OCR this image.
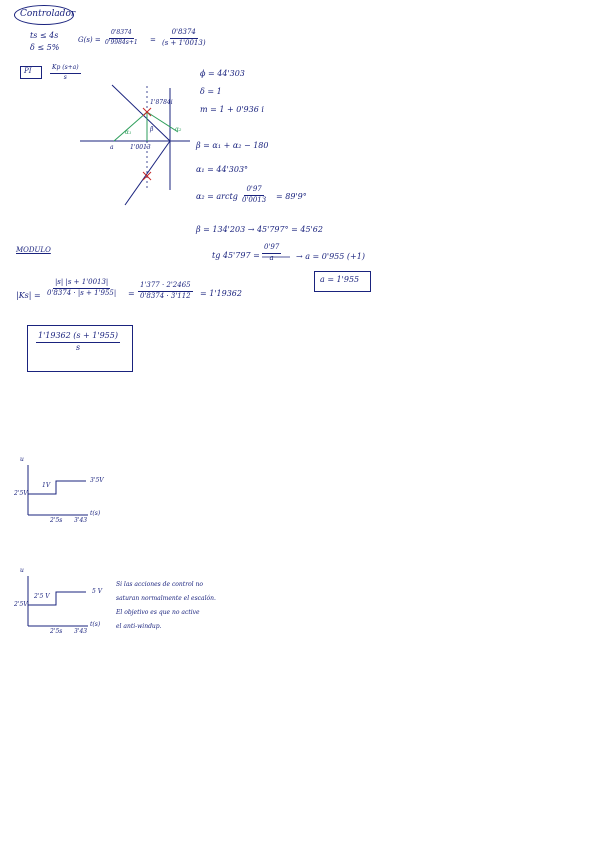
Controlador
ts ≤ 4s
δ ≤ 5%
$G(s) = \frac{0'8374}{0'9984s+1} = \frac{0'8374}{(s + 1'0013)}$
PI	$\frac{Kp (s+a)}{s}$
a	1'0013
1'8784i
α₁	α₂
β
ϕ = 44'303
δ = 1
m = 1 + 0'936 i
β = α₁ + α₂ − 180
α₁ = 44'303°
α₂ = arctg $\frac{0'97}{0'0013} = 89'9^\circ$
β = 134'203 → 45'797° = 45'62
tg $45'797 = \frac{0'97}{a} \to a = 0'955$ (+1)
a = 1'955
MODULO
$|Ks| = \frac{|s| |s + 1'0013|}{0'8374 \cdot |s + 1'955|} = \frac{1'377 \cdot 2'2465}{0'8374 \cdot 3'112} = 1'19362$
$\frac{1'19362 (s + 1'955)}{s}$
u
2'5V
1V
3'5V
2'5s 3'43
t(s)
u
2'5V
2'5 V
5 V
2'5s 3'43
t(s)
Si las acciones de control no
saturan normalmente el escalón.
El objetivo es que no active
el anti-windup.
